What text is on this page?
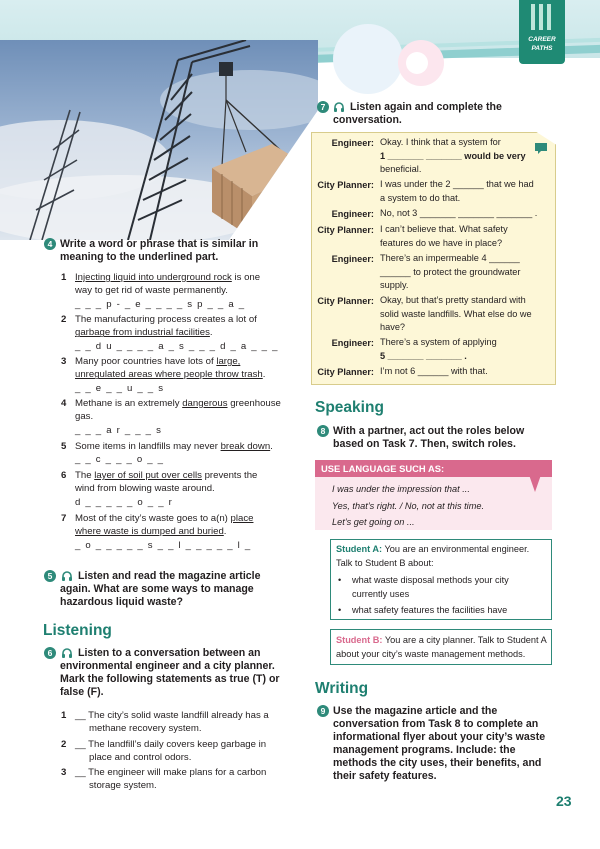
CAREER
PATHS
4 Write a word or phrase that is similar in
meaning to the underlined part.
1 Injecting liquid into underground rock is one
way to get rid of waste permanently.
_ _ _ p - _ e _ _ _ _ s p _ _ a _
2 The manufacturing process creates a lot of
garbage from industrial facilities.
_ _ d u _ _ _ _ a _ s _ _ _ d _ a _ _ _
3 Many poor countries have lots of large,
unregulated areas where people throw trash.
_ _ e _ _ u _ _ s
4 Methane is an extremely dangerous greenhouse
gas.
_ _ _ a r _ _ _ s
5 Some items in landfills may never break down.
_ _ c _ _ _ o _ _
6 The layer of soil put over cells prevents the
wind from blowing waste around.
d _ _ _ _ _ o _ _ r
7 Most of the city’s waste goes to a(n) place
where waste is dumped and buried.
_ o _ _ _ _ _ s _ _ l _ _ _ _ _ l _
5	Listen and read the magazine article
again. What are some ways to manage
hazardous liquid waste?
Listening
6	Listen to a conversation between an
environmental engineer and a city planner.
Mark the following statements as true (T) or
false (F).
1 __ The city’s solid waste landfill already has a
methane recovery system.
2 __ The landfill’s daily covers keep garbage in
place and control odors.
3 __ The engineer will make plans for a carbon
storage system.
7	Listen again and complete the
conversation.
Engineer: Okay. I think that a system for
1 _______ _______ would be very
beneficial.
City Planner: I was under the 2 ______ that we had
a system to do that.
Engineer: No, not 3 _______ _______ _______ .
City Planner: I can’t believe that. What safety
features do we have in place?
Engineer: There’s an impermeable 4 ______
______ to protect the groundwater
supply.
City Planner: Okay, but that’s pretty standard with
solid waste landfills. What else do we
have?
Engineer: There’s a system of applying
5 _______ _______ .
City Planner: I’m not 6 ______ with that.
Speaking
8 With a partner, act out the roles below
based on Task 7. Then, switch roles.
USE LANGUAGE SUCH AS:
I was under the impression that ...
Yes, that’s right. / No, not at this time.
Let’s get going on ...
Student A: You are an environmental engineer.
Talk to Student B about:
• what waste disposal methods your city
currently uses
• what safety features the facilities have
Student B: You are a city planner. Talk to Student A
about your city’s waste management methods.
Writing
9 Use the magazine article and the
conversation from Task 8 to complete an
informational flyer about your city’s waste
management programs. Include: the
methods the city uses, their benefits, and
their safety features.
23
